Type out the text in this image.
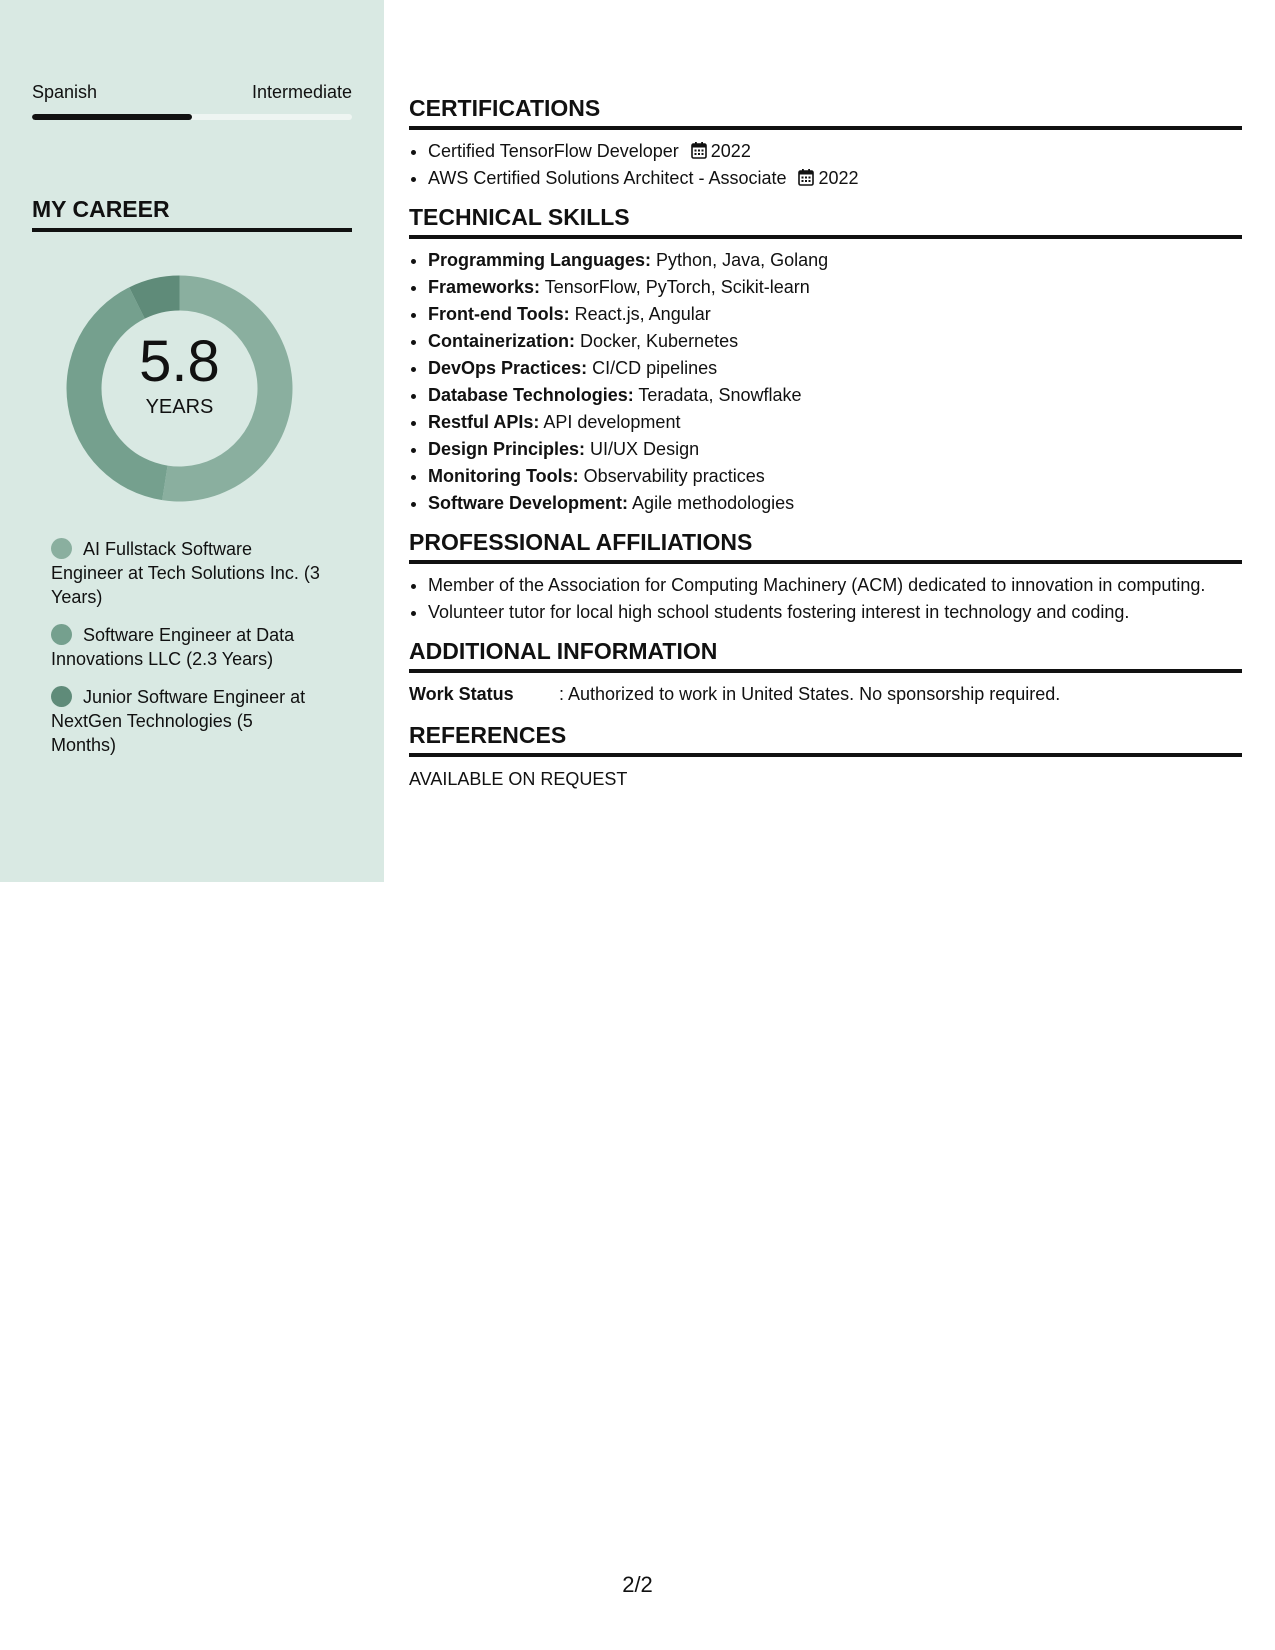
Spanish	Intermediate
MY CAREER
5.8
YEARS
AI Fullstack Software Engineer at Tech Solutions Inc. (3 Years)
Software Engineer at Data Innovations LLC (2.3 Years)
Junior Software Engineer at NextGen Technologies (5 Months)
CERTIFICATIONS
• Certified TensorFlow Developer 2022
• AWS Certified Solutions Architect - Associate 2022
TECHNICAL SKILLS
• Programming Languages: Python, Java, Golang
• Frameworks: TensorFlow, PyTorch, Scikit-learn
• Front-end Tools: React.js, Angular
• Containerization: Docker, Kubernetes
• DevOps Practices: CI/CD pipelines
• Database Technologies: Teradata, Snowflake
• Restful APIs: API development
• Design Principles: UI/UX Design
• Monitoring Tools: Observability practices
• Software Development: Agile methodologies
PROFESSIONAL AFFILIATIONS
• Member of the Association for Computing Machinery (ACM) dedicated to innovation in computing.
• Volunteer tutor for local high school students fostering interest in technology and coding.
ADDITIONAL INFORMATION
Work Status	: Authorized to work in United States. No sponsorship required.
REFERENCES

AVAILABLE ON REQUEST

2/2
